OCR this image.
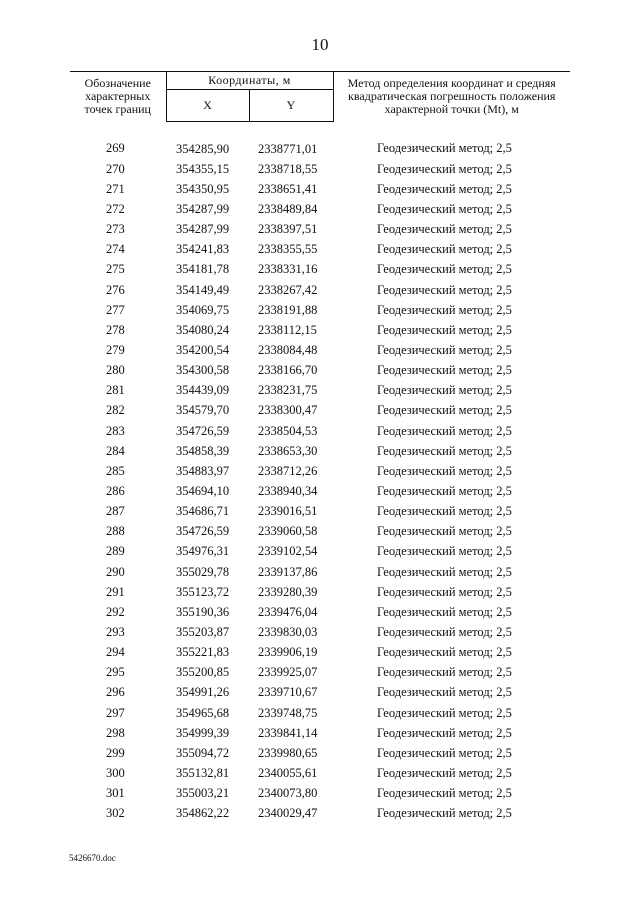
10
Обозначение характерных точек границ	Координаты, м		Метод определения координат и средняя квадратическая погрешность положения характерной точки (Mt), м
	X	Y	
269	354285,90	2338771,01	Геодезический метод; 2,5
270	354355,15	2338718,55	Геодезический метод; 2,5
271	354350,95	2338651,41	Геодезический метод; 2,5
272	354287,99	2338489,84	Геодезический метод; 2,5
273	354287,99	2338397,51	Геодезический метод; 2,5
274	354241,83	2338355,55	Геодезический метод; 2,5
275	354181,78	2338331,16	Геодезический метод; 2,5
276	354149,49	2338267,42	Геодезический метод; 2,5
277	354069,75	2338191,88	Геодезический метод; 2,5
278	354080,24	2338112,15	Геодезический метод; 2,5
279	354200,54	2338084,48	Геодезический метод; 2,5
280	354300,58	2338166,70	Геодезический метод; 2,5
281	354439,09	2338231,75	Геодезический метод; 2,5
282	354579,70	2338300,47	Геодезический метод; 2,5
283	354726,59	2338504,53	Геодезический метод; 2,5
284	354858,39	2338653,30	Геодезический метод; 2,5
285	354883,97	2338712,26	Геодезический метод; 2,5
286	354694,10	2338940,34	Геодезический метод; 2,5
287	354686,71	2339016,51	Геодезический метод; 2,5
288	354726,59	2339060,58	Геодезический метод; 2,5
289	354976,31	2339102,54	Геодезический метод; 2,5
290	355029,78	2339137,86	Геодезический метод; 2,5
291	355123,72	2339280,39	Геодезический метод; 2,5
292	355190,36	2339476,04	Геодезический метод; 2,5
293	355203,87	2339830,03	Геодезический метод; 2,5
294	355221,83	2339906,19	Геодезический метод; 2,5
295	355200,85	2339925,07	Геодезический метод; 2,5
296	354991,26	2339710,67	Геодезический метод; 2,5
297	354965,68	2339748,75	Геодезический метод; 2,5
298	354999,39	2339841,14	Геодезический метод; 2,5
299	355094,72	2339980,65	Геодезический метод; 2,5
300	355132,81	2340055,61	Геодезический метод; 2,5
301	355003,21	2340073,80	Геодезический метод; 2,5
302	354862,22	2340029,47	Геодезический метод; 2,5
5426670.doc
